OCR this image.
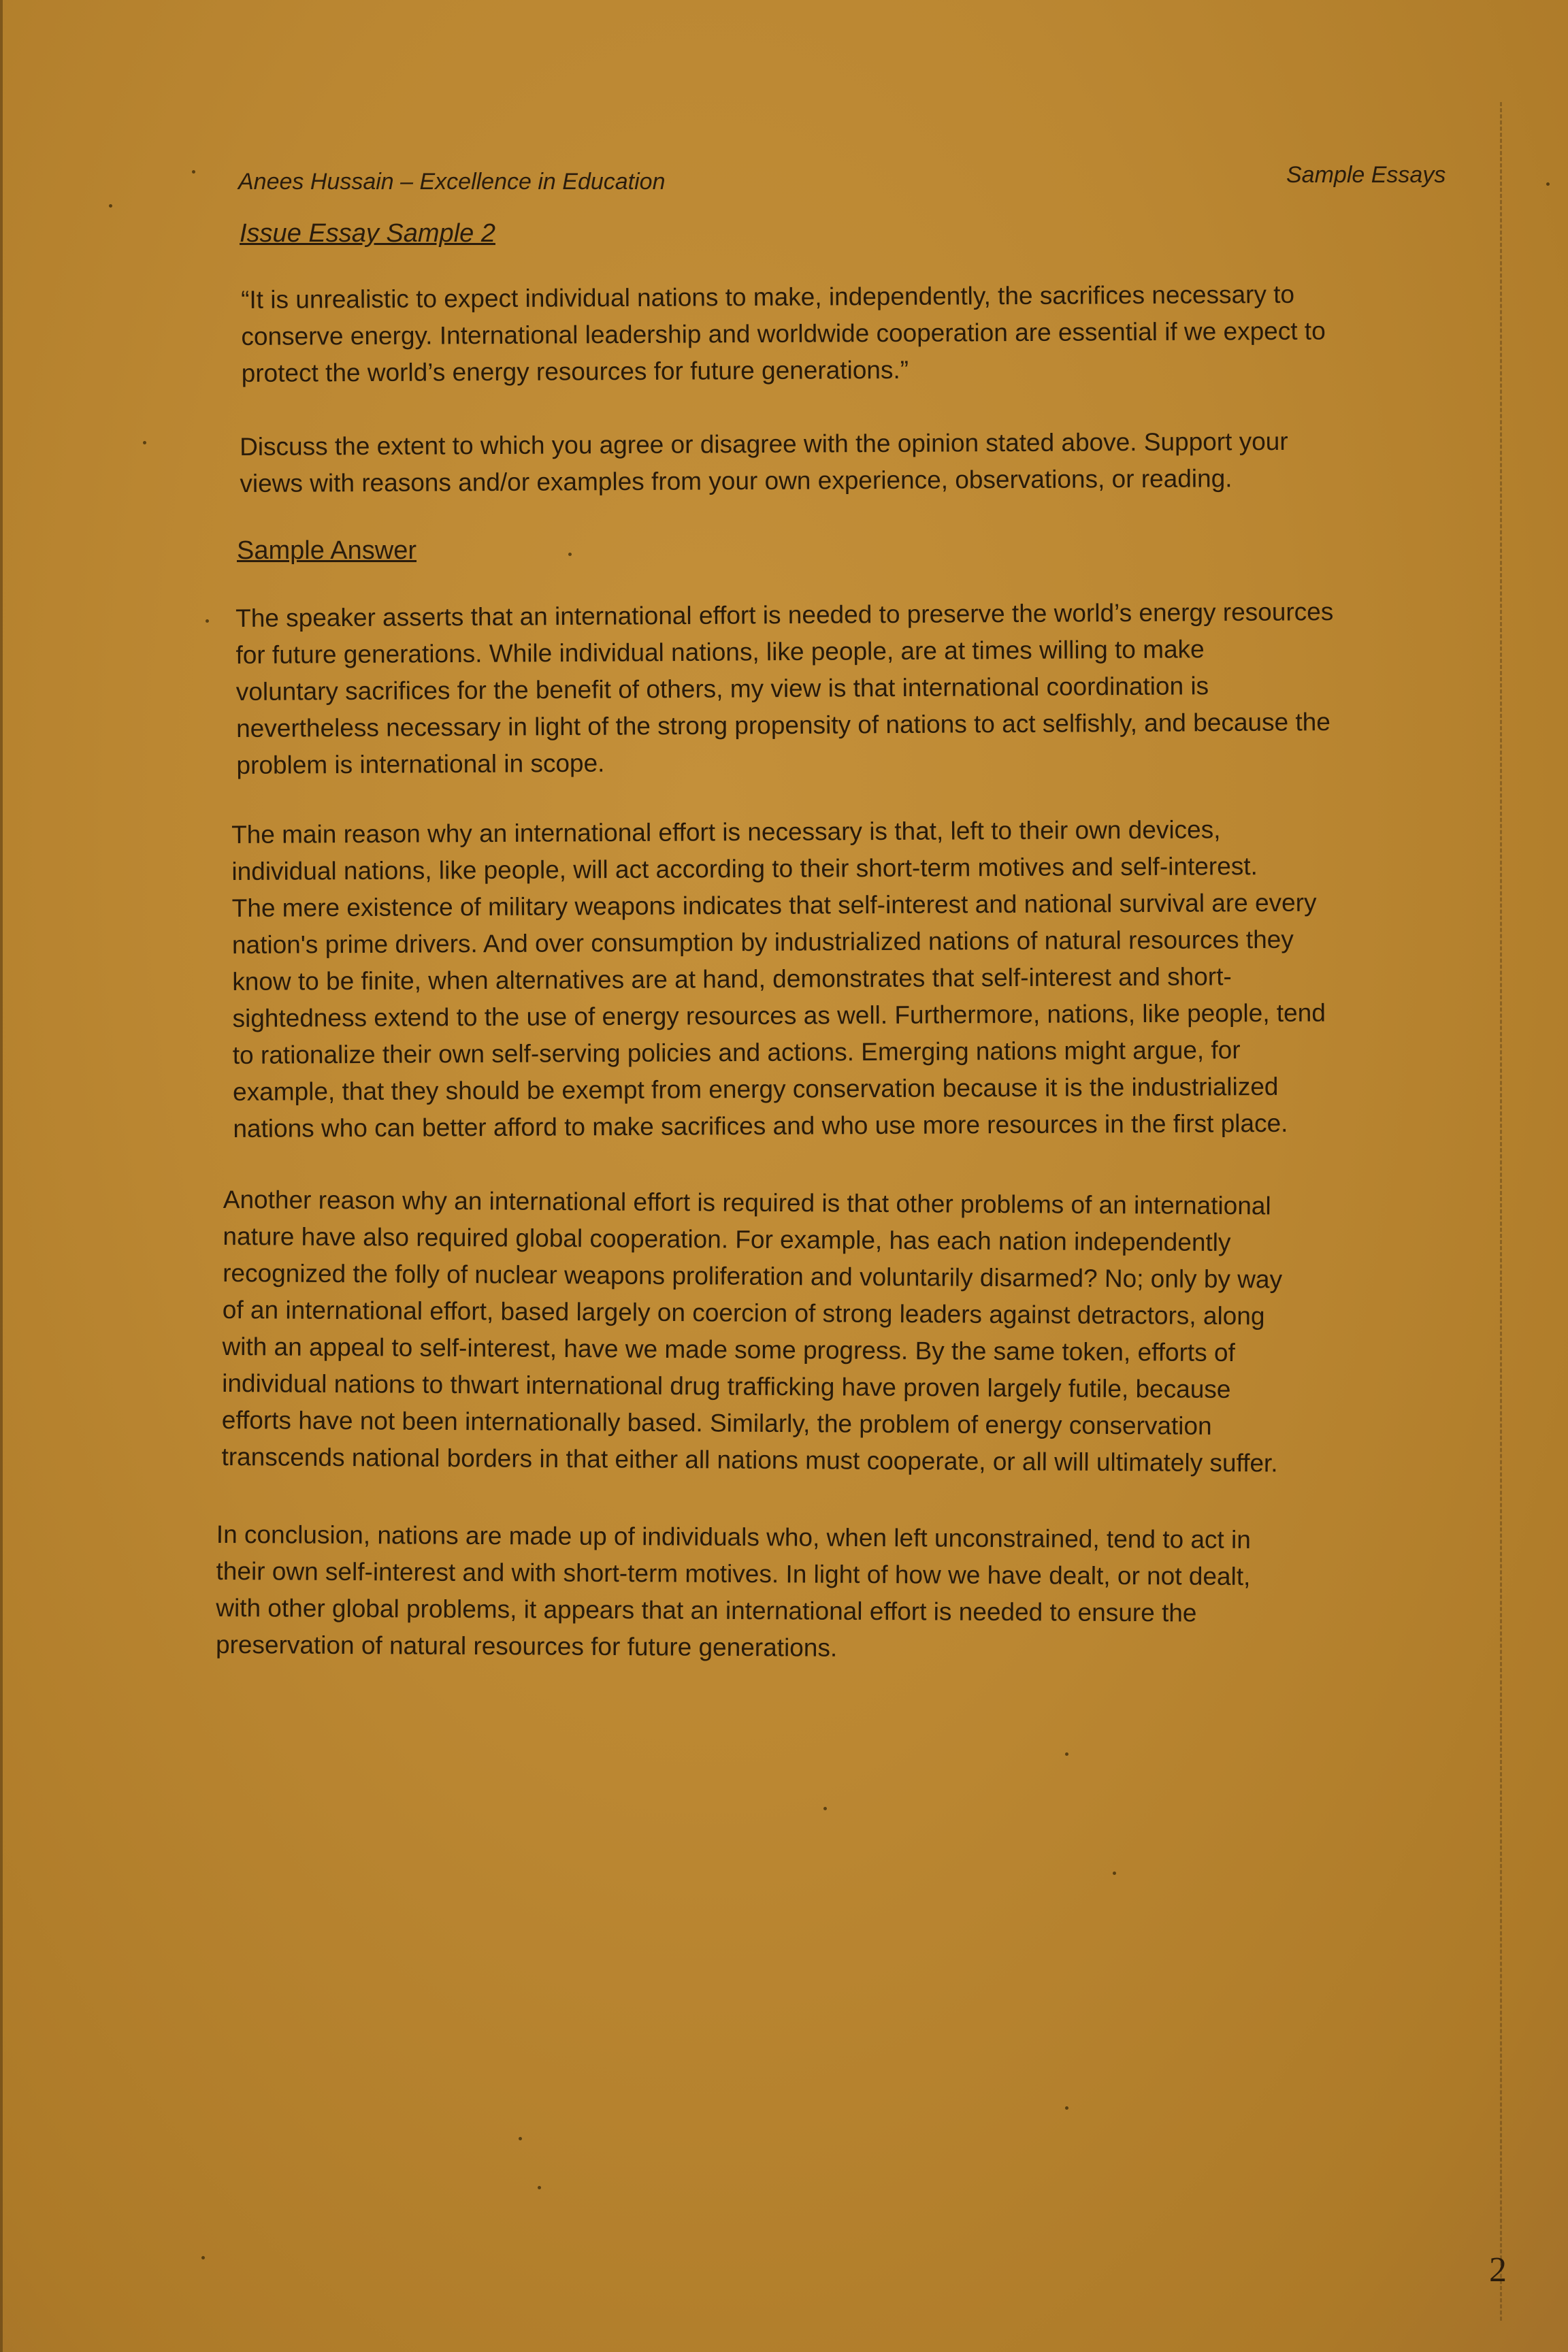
Anees Hussain – Excellence in Education	Sample Essays
Issue Essay Sample 2
“It is unrealistic to expect individual nations to make, independently, the sacrifices necessary to
conserve energy. International leadership and worldwide cooperation are essential if we expect to
protect the world’s energy resources for future generations.”
Discuss the extent to which you agree or disagree with the opinion stated above. Support your
views with reasons and/or examples from your own experience, observations, or reading.
Sample Answer
The speaker asserts that an international effort is needed to preserve the world’s energy resources
for future generations. While individual nations, like people, are at times willing to make
voluntary sacrifices for the benefit of others, my view is that international coordination is
nevertheless necessary in light of the strong propensity of nations to act selfishly, and because the
problem is international in scope.
The main reason why an international effort is necessary is that, left to their own devices,
individual nations, like people, will act according to their short-term motives and self-interest.
The mere existence of military weapons indicates that self-interest and national survival are every
nation's prime drivers. And over consumption by industrialized nations of natural resources they
know to be finite, when alternatives are at hand, demonstrates that self-interest and short-
sightedness extend to the use of energy resources as well. Furthermore, nations, like people, tend
to rationalize their own self-serving policies and actions. Emerging nations might argue, for
example, that they should be exempt from energy conservation because it is the industrialized
nations who can better afford to make sacrifices and who use more resources in the first place.
Another reason why an international effort is required is that other problems of an international
nature have also required global cooperation. For example, has each nation independently
recognized the folly of nuclear weapons proliferation and voluntarily disarmed? No; only by way
of an international effort, based largely on coercion of strong leaders against detractors, along
with an appeal to self-interest, have we made some progress. By the same token, efforts of
individual nations to thwart international drug trafficking have proven largely futile, because
efforts have not been internationally based. Similarly, the problem of energy conservation
transcends national borders in that either all nations must cooperate, or all will ultimately suffer.
In conclusion, nations are made up of individuals who, when left unconstrained, tend to act in
their own self-interest and with short-term motives. In light of how we have dealt, or not dealt,
with other global problems, it appears that an international effort is needed to ensure the
preservation of natural resources for future generations.
2
